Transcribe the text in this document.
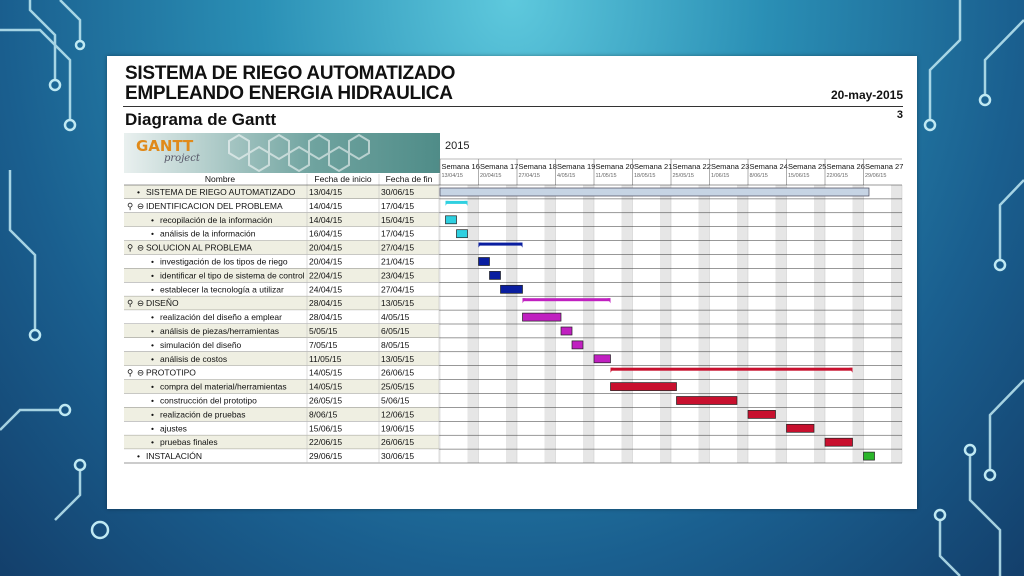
SISTEMA DE RIEGO AUTOMATIZADO
EMPLEANDO ENERGIA HIDRAULICA	20-may-2015
3
Diagrama de Gantt
GANTT
project
2015
Semana 16
13/04/15
Semana 17
20/04/15
Semana 18
27/04/15
Semana 19
4/05/15
Semana 20
11/05/15
Semana 21
18/05/15
Semana 22
25/05/15
Semana 23
1/06/15
Semana 24
8/06/15
Semana 25
15/06/15
Semana 26
22/06/15
Semana 27
29/06/15
Nombre	Fecha de inicio Fecha de fin
• SISTEMA DE RIEGO AUTOMATIZADO 13/04/15	30/06/15
⚲ ⊖ IDENTIFICACION DEL PROBLEMA	14/04/15	17/04/15
• recopilación de la información	14/04/15	15/04/15
• análisis de la información	16/04/15	17/04/15
⚲ ⊖ SOLUCION AL PROBLEMA	20/04/15	27/04/15
• investigación de los tipos de riego	20/04/15	21/04/15
• identificar el tipo de sistema de control 22/04/15	23/04/15
• establecer la tecnología a utilizar	24/04/15	27/04/15
⚲ ⊖ DISEÑO	28/04/15	13/05/15
• realización del diseño a emplear	28/04/15	4/05/15
• análisis de piezas/herramientas	5/05/15	6/05/15
• simulación del diseño	7/05/15	8/05/15
• análisis de costos	11/05/15	13/05/15
⚲ ⊖ PROTOTIPO	14/05/15	26/06/15
• compra del material/herramientas	14/05/15	25/05/15
• construcción del prototipo	26/05/15	5/06/15
• realización de pruebas	8/06/15	12/06/15
• ajustes	15/06/15	19/06/15
• pruebas finales	22/06/15	26/06/15
• INSTALACIÓN	29/06/15	30/06/15
